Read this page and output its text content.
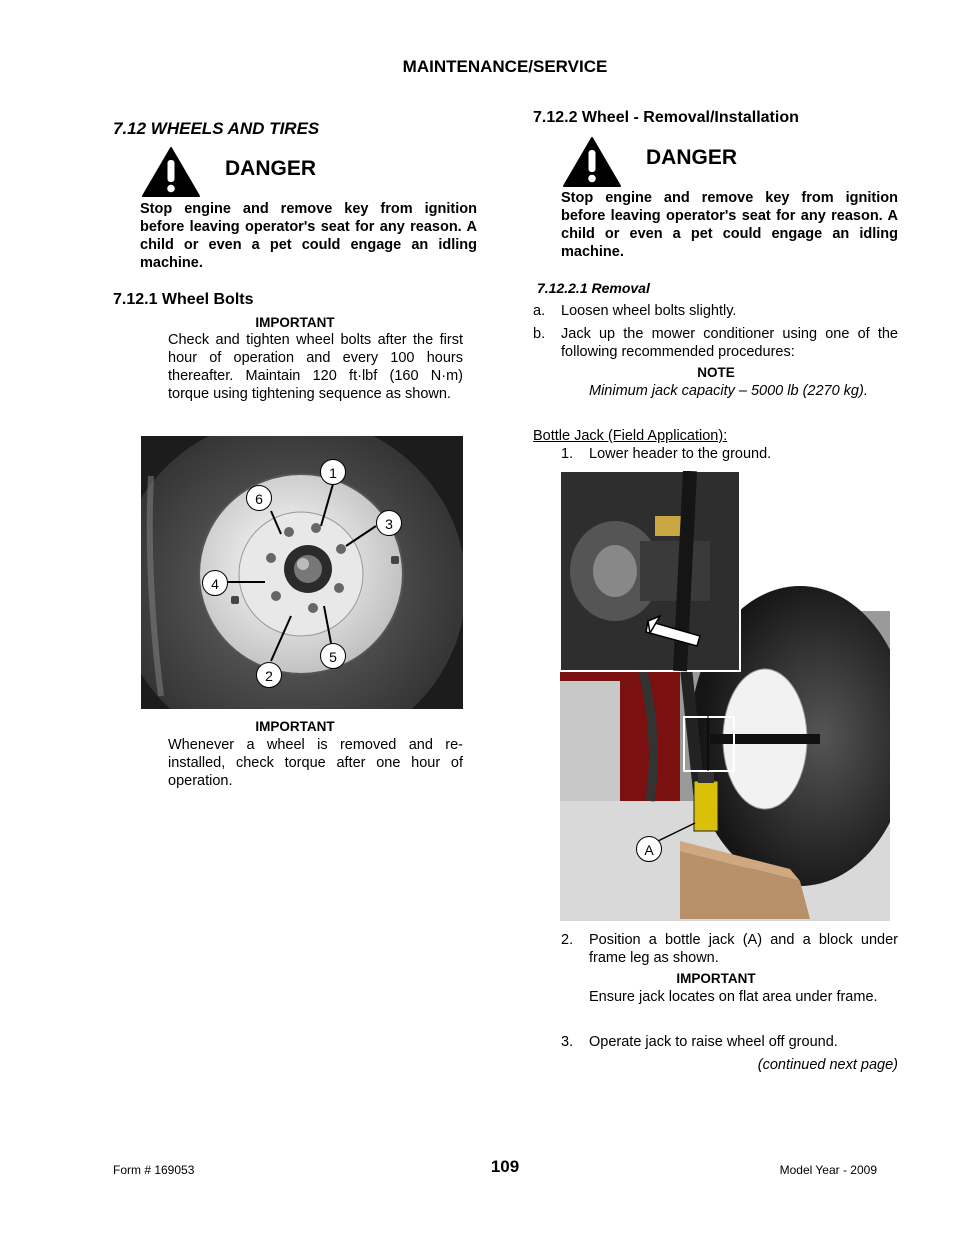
MAINTENANCE/SERVICE
7.12 WHEELS AND TIRES
DANGER
Stop engine and remove key from ignition before leaving operator's seat for any reason. A child or even a pet could engage an idling machine.
7.12.1 Wheel Bolts
IMPORTANT
Check and tighten wheel bolts after the first hour of operation and every 100 hours thereafter. Maintain 120 ft·lbf (160 N·m) torque using tightening sequence as shown.
1
6
3
4
5
2
IMPORTANT
Whenever a wheel is removed and re-installed, check torque after one hour of operation.
7.12.2 Wheel - Removal/Installation
DANGER
Stop engine and remove key from ignition before leaving operator's seat for any reason. A child or even a pet could engage an idling machine.
7.12.2.1 Removal
a. Loosen wheel bolts slightly.
b. Jack up the mower conditioner using one of the following recommended procedures:
NOTE
Minimum jack capacity – 5000 lb (2270 kg).
Bottle Jack (Field Application):
1. Lower header to the ground.
A
2. Position a bottle jack (A) and a block under frame leg as shown.
IMPORTANT
Ensure jack locates on flat area under frame.
3. Operate jack to raise wheel off ground.
(continued next page)
Form # 169053	109	Model Year - 2009
